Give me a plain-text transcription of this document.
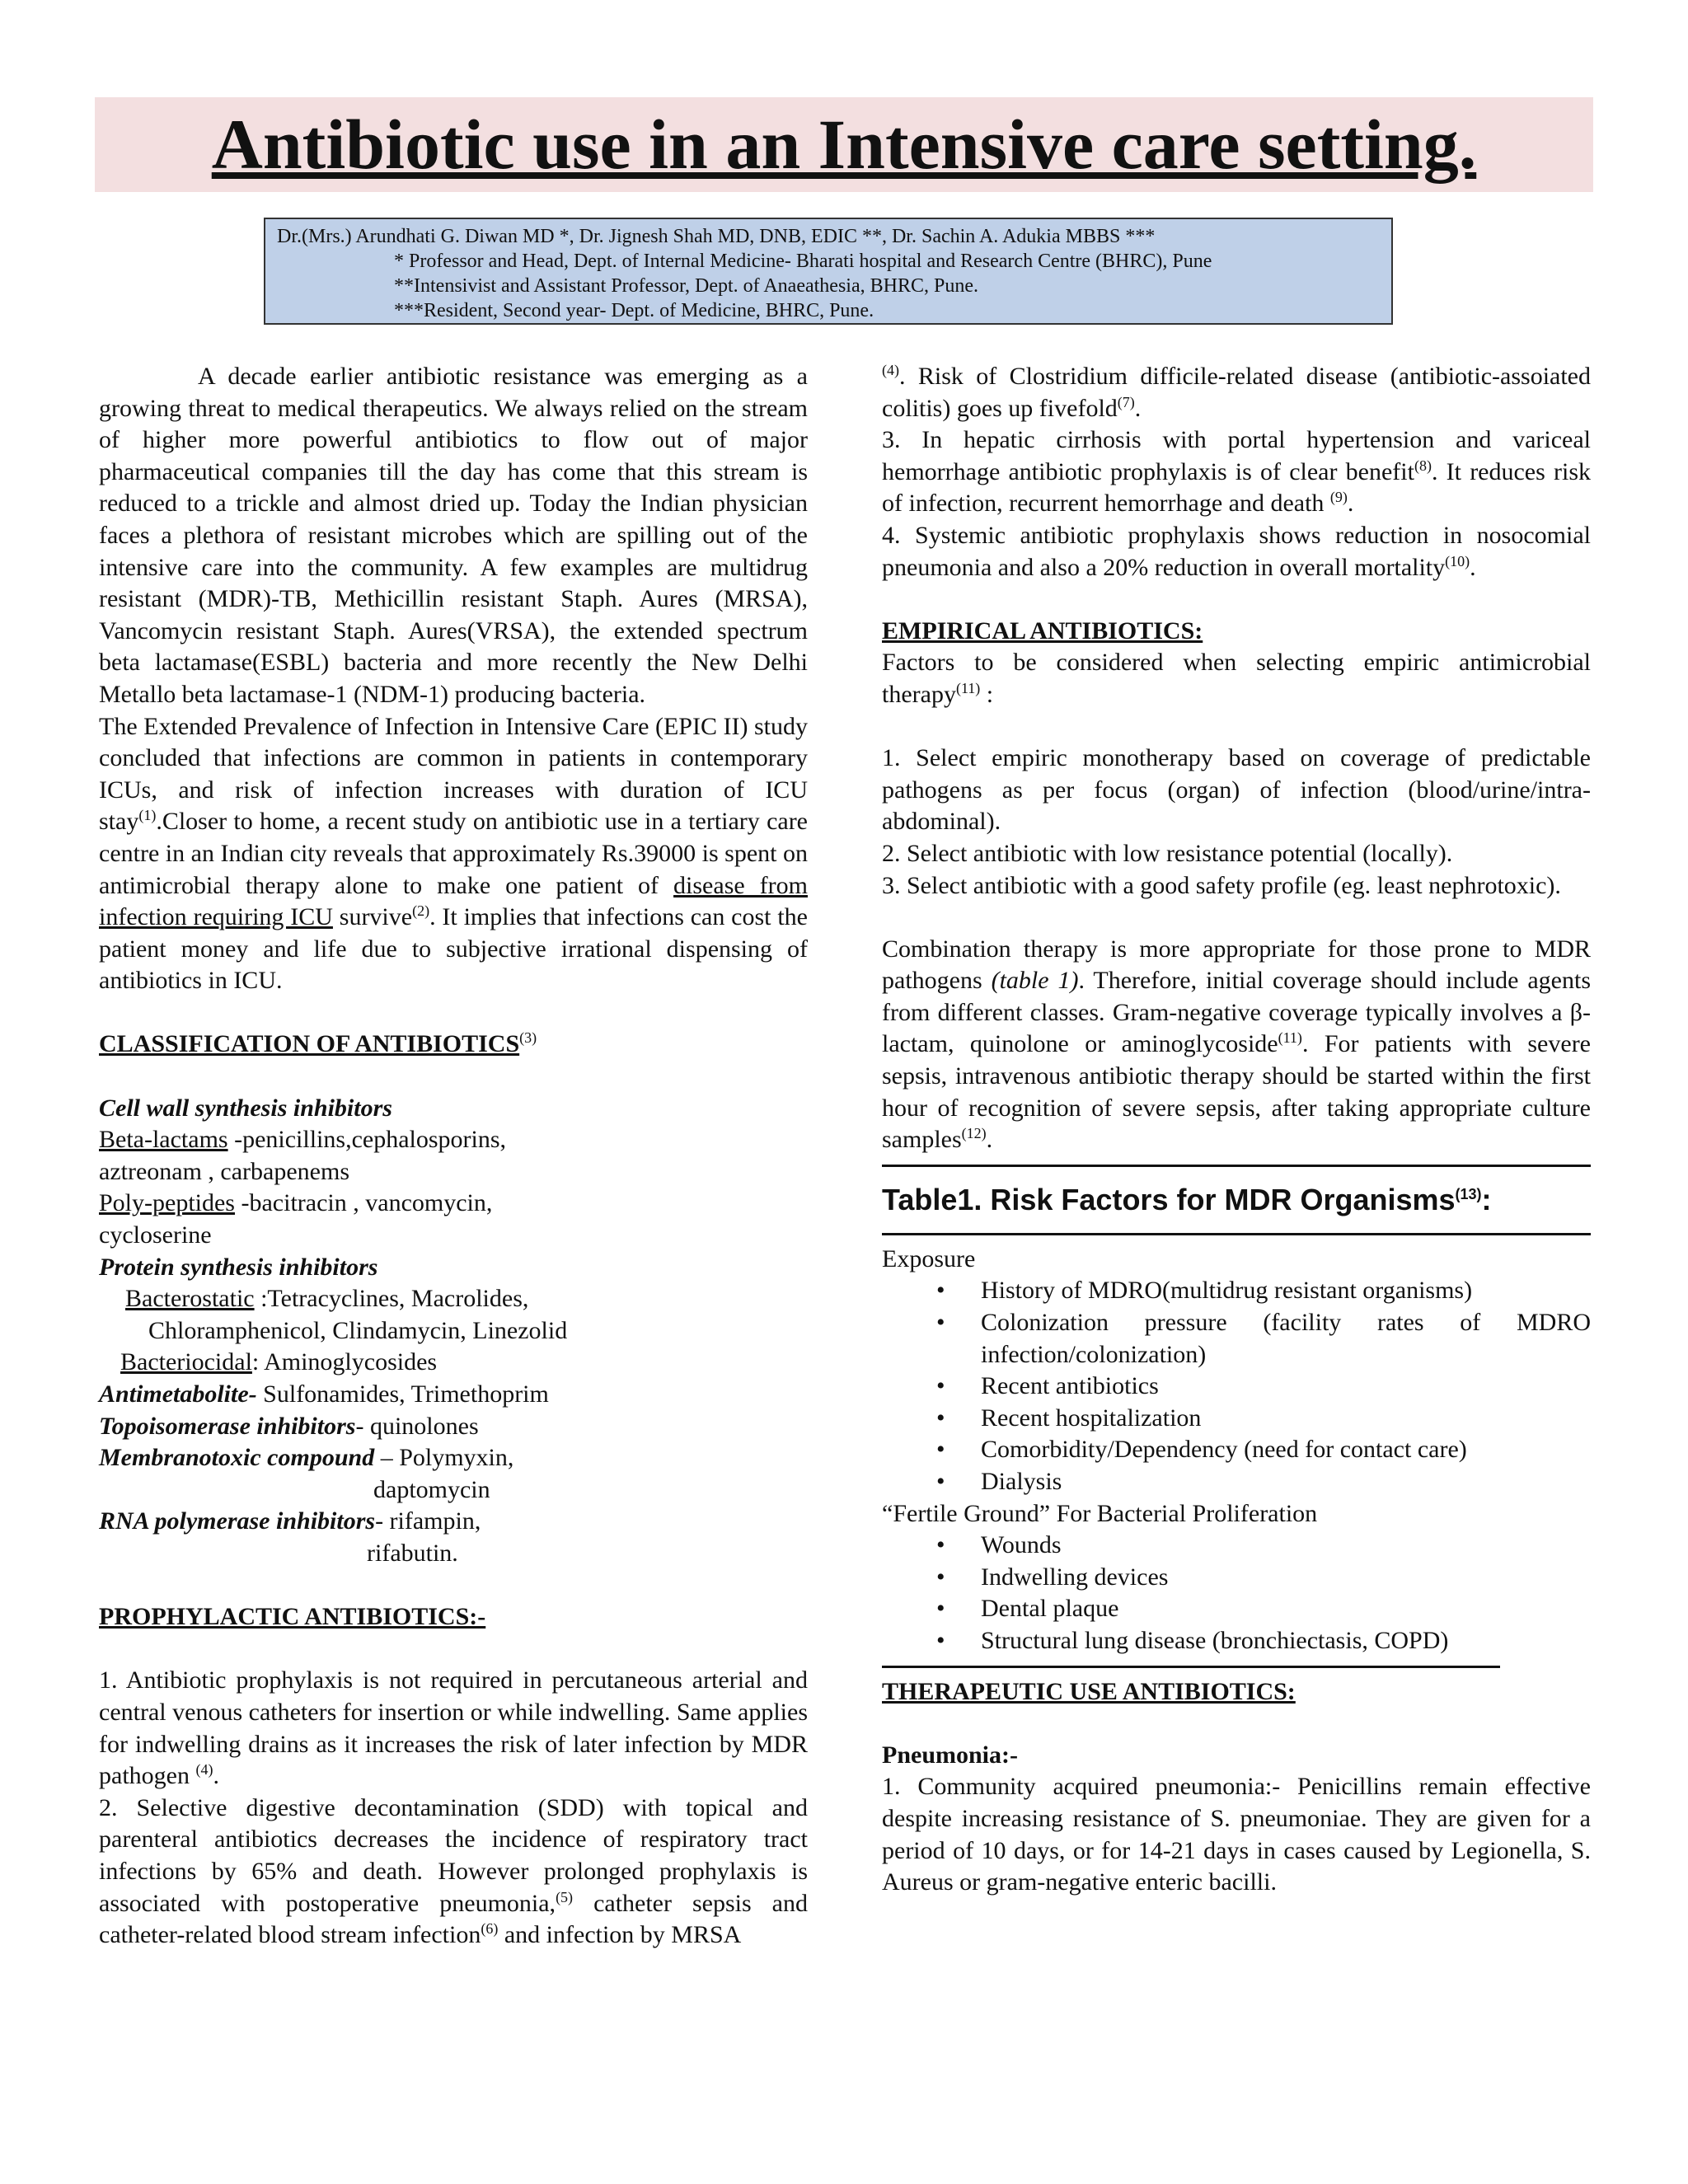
Antibiotic use in an Intensive care setting.
Dr.(Mrs.) Arundhati G. Diwan MD *, Dr. Jignesh Shah MD, DNB, EDIC **, Dr. Sachin A. Adukia MBBS ***
* Professor and Head, Dept. of Internal Medicine- Bharati hospital and Research Centre (BHRC), Pune
**Intensivist and Assistant Professor, Dept. of Anaeathesia, BHRC, Pune.
***Resident, Second year- Dept. of Medicine, BHRC, Pune.

A decade earlier antibiotic resistance was emerging as a growing threat to medical therapeutics. We always relied on the stream of higher more powerful antibiotics to flow out of major pharmaceutical companies till the day has come that this stream is reduced to a trickle and almost dried up. Today the Indian physician faces a plethora of resistant microbes which are spilling out of the intensive care into the community. A few examples are multidrug resistant (MDR)-TB, Methicillin resistant Staph. Aures (MRSA), Vancomycin resistant Staph. Aures(VRSA), the extended spectrum beta lactamase(ESBL) bacteria and more recently the New Delhi Metallo beta lactamase-1 (NDM-1) producing bacteria.

The Extended Prevalence of Infection in Intensive Care (EPIC II) study concluded that infections are common in patients in contemporary ICUs, and risk of infection increases with duration of ICU stay$^{(1)}$.Closer to home, a recent study on antibiotic use in a tertiary care centre in an Indian city reveals that approximately Rs.39000 is spent on antimicrobial therapy alone to make one patient of disease from infection requiring ICU survive$^{(2)}$. It implies that infections can cost the patient money and life due to subjective irrational dispensing of antibiotics in ICU.

CLASSIFICATION OF ANTIBIOTICS$^{(3)}$

Cell wall synthesis inhibitors

Beta-lactams -penicillins,cephalosporins,

aztreonam , carbapenems

Poly-peptides -bacitracin , vancomycin,

cycloserine

Protein synthesis inhibitors

Bacterostatic :Tetracyclines, Macrolides,

Chloramphenicol, Clindamycin, Linezolid

Bacteriocidal: Aminoglycosides

Antimetabolite- Sulfonamides, Trimethoprim

Topoisomerase inhibitors- quinolones

Membranotoxic compound – Polymyxin,

daptomycin

RNA polymerase inhibitors- rifampin,

rifabutin.

PROPHYLACTIC ANTIBIOTICS:-

1. Antibiotic prophylaxis is not required in percutaneous arterial and central venous catheters for insertion or while indwelling. Same applies for indwelling drains as it increases the risk of later infection by MDR pathogen $^{(4)}$.

2. Selective digestive decontamination (SDD) with topical and parenteral antibiotics decreases the incidence of respiratory tract infections by 65% and death. However prolonged prophylaxis is associated with postoperative pneumonia,$^{(5)}$ catheter sepsis and catheter-related blood stream infection$^{(6)}$ and infection by MRSA

$^{(4)}$. Risk of Clostridium difficile-related disease (antibiotic-assoiated colitis) goes up fivefold$^{(7)}$.

3. In hepatic cirrhosis with portal hypertension and variceal hemorrhage antibiotic prophylaxis is of clear benefit$^{(8)}$. It reduces risk of infection, recurrent hemorrhage and death $^{(9)}$.

4. Systemic antibiotic prophylaxis shows reduction in nosocomial pneumonia and also a 20% reduction in overall mortality$^{(10)}$.

EMPIRICAL ANTIBIOTICS:

Factors to be considered when selecting empiric antimicrobial therapy$^{(11)}$ :

1. Select empiric monotherapy based on coverage of predictable pathogens as per focus (organ) of infection (blood/urine/intra-abdominal).

2. Select antibiotic with low resistance potential (locally).

3. Select antibiotic with a good safety profile (eg. least nephrotoxic).

Combination therapy is more appropriate for those prone to MDR pathogens (table 1). Therefore, initial coverage should include agents from different classes. Gram-negative coverage typically involves a β-lactam, quinolone or aminoglycoside$^{(11)}$. For patients with severe sepsis, intravenous antibiotic therapy should be started within the first hour of recognition of severe sepsis, after taking appropriate culture samples$^{(12)}$.

Table1. Risk Factors for MDR Organisms$^{(13)}$:

Exposure

• History of MDRO(multidrug resistant organisms)
• Colonization pressure (facility rates of MDRO infection/colonization)
• Recent antibiotics
• Recent hospitalization
• Comorbidity/Dependency (need for contact care)
• Dialysis

“Fertile Ground” For Bacterial Proliferation

• Wounds
• Indwelling devices
• Dental plaque
• Structural lung disease (bronchiectasis, COPD)

THERAPEUTIC USE ANTIBIOTICS:

Pneumonia:-

1. Community acquired pneumonia:- Penicillins remain effective despite increasing resistance of S. pneumoniae. They are given for a period of 10 days, or for 14-21 days in cases caused by Legionella, S. Aureus or gram-negative enteric bacilli.
